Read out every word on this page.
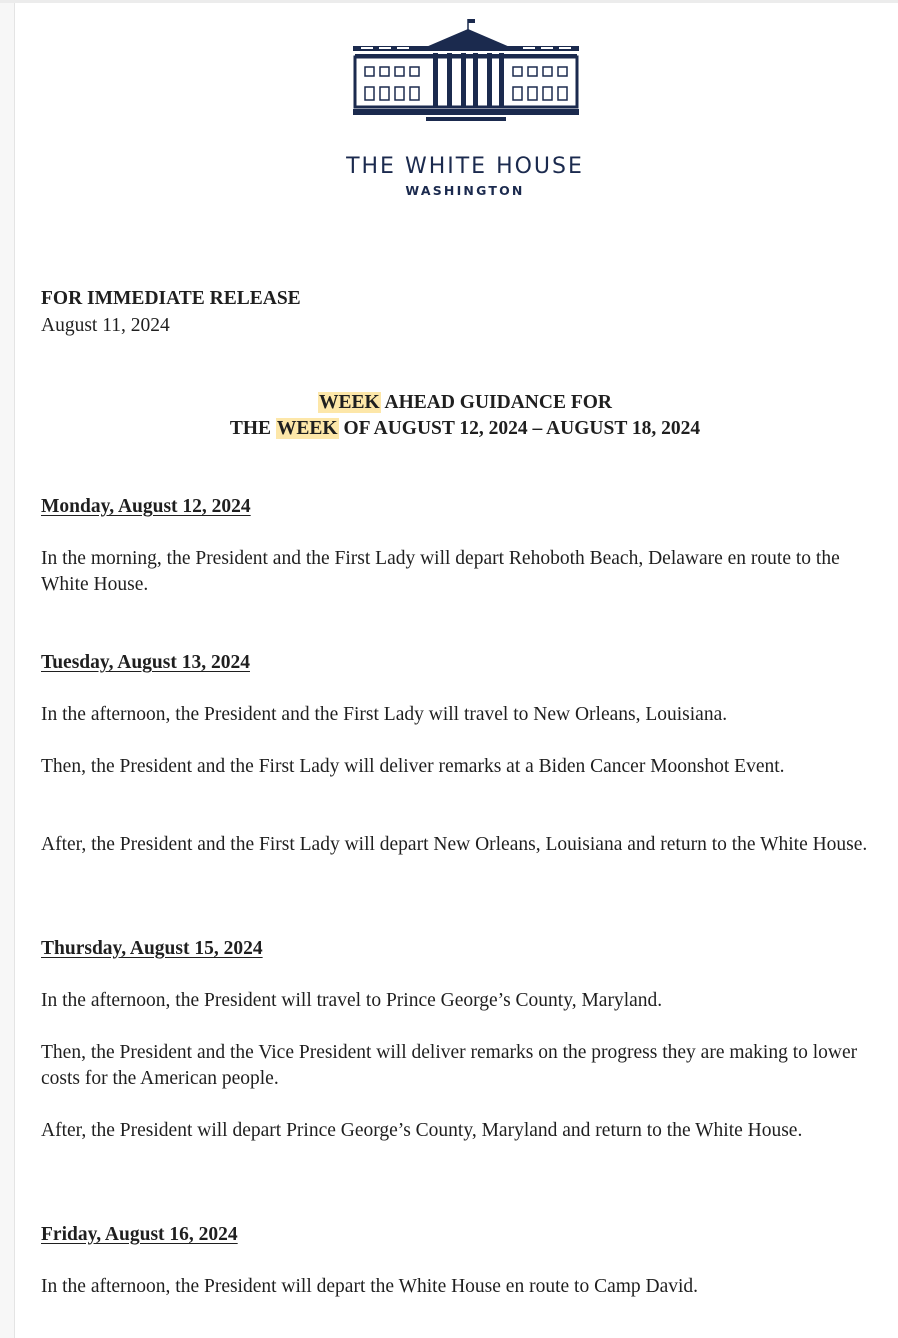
THE WHITE HOUSE
WASHINGTON
FOR IMMEDIATE RELEASE
August 11, 2024
WEEK AHEAD GUIDANCE FOR
THE WEEK OF AUGUST 12, 2024 – AUGUST 18, 2024
Monday, August 12, 2024

In the morning, the President and the First Lady will depart Rehoboth Beach, Delaware en route to the White House.

Tuesday, August 13, 2024

In the afternoon, the President and the First Lady will travel to New Orleans, Louisiana.

Then, the President and the First Lady will deliver remarks at a Biden Cancer Moonshot Event.

After, the President and the First Lady will depart New Orleans, Louisiana and return to the White House.

Thursday, August 15, 2024

In the afternoon, the President will travel to Prince George’s County, Maryland.

Then, the President and the Vice President will deliver remarks on the progress they are making to lower costs for the American people.

After, the President will depart Prince George’s County, Maryland and return to the White House.

Friday, August 16, 2024

In the afternoon, the President will depart the White House en route to Camp David.
